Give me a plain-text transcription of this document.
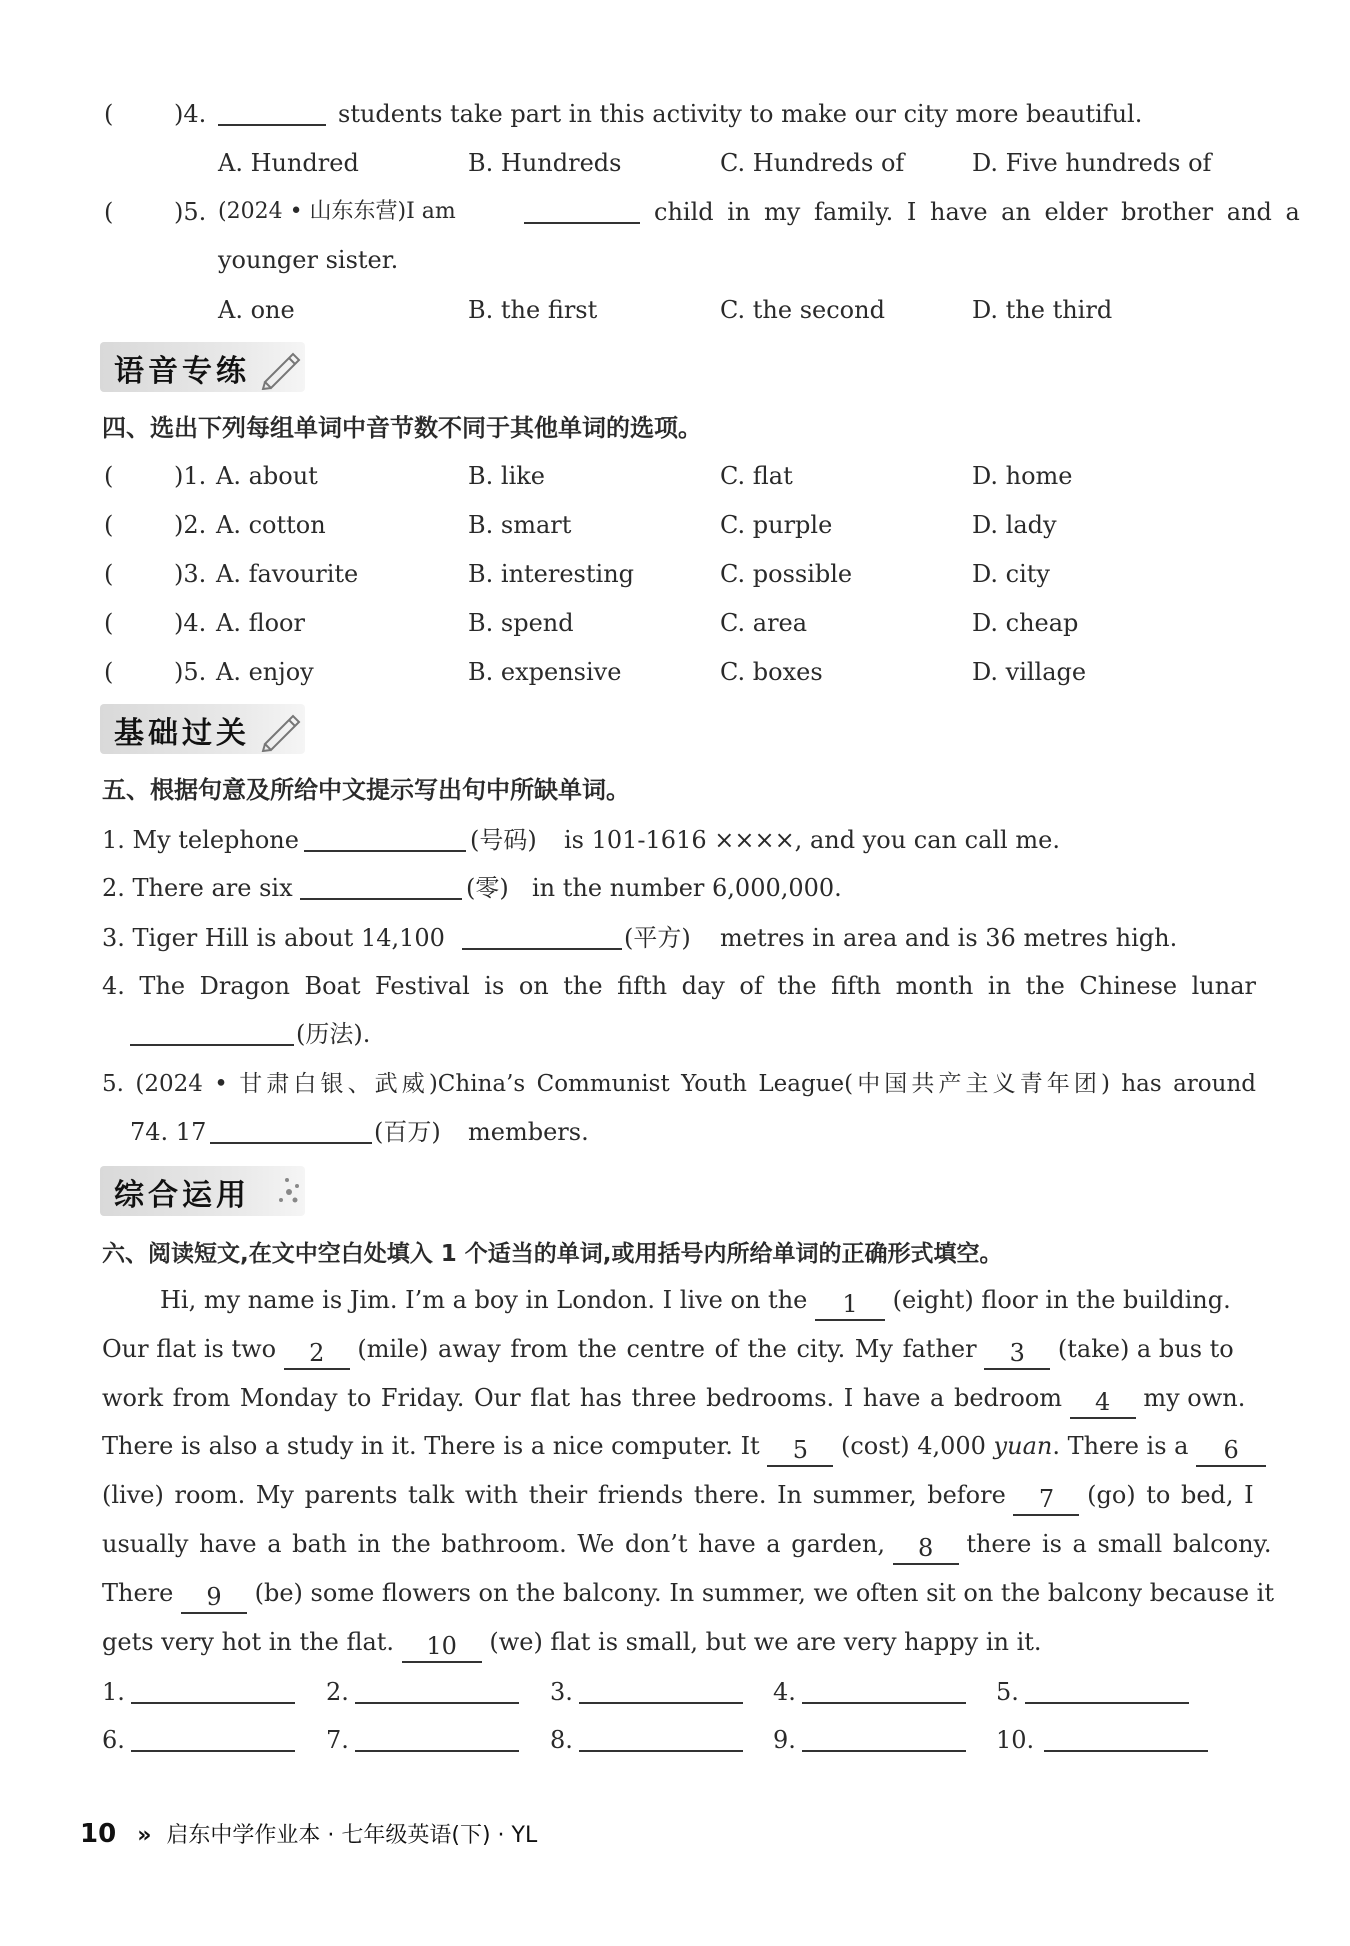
(	)4.	students take part in this activity to make our city more beautiful.
A. Hundred	B. Hundreds	C. Hundreds of	D. Five hundreds of
(	)5. (2024 • 山东东营)I am	child in my family. I have an elder brother and a
younger sister.
A. one	B. the first	C. the second	D. the third
语音专练
四、选出下列每组单词中音节数不同于其他单词的选项。
(	)1. A. about	B. like	C. flat	D. home
(	)2. A. cotton	B. smart	C. purple	D. lady
(	)3. A. favourite	B. interesting	C. possible	D. city
(	)4. A. floor	B. spend	C. area	D. cheap
(	)5. A. enjoy	B. expensive	C. boxes	D. village
基础过关
五、根据句意及所给中文提示写出句中所缺单词。
1. My telephone	(号码) is 101-1616 ××××, and you can call me.
2. There are six	(零) in the number 6,000,000.
3. Tiger Hill is about 14,100	(平方) metres in area and is 36 metres high.
4. The Dragon Boat Festival is on the fifth day of the fifth month in the Chinese lunar
(历法).
5. (2024 • 甘肃白银、武威)China’s Communist Youth League(中国共产主义青年团) has around
74. 17	(百万) members.
综合运用
六、阅读短文,在文中空白处填入 1 个适当的单词,或用括号内所给单词的正确形式填空。
Hi, my name is Jim. I’m a boy in London. I live on the 1 (eight) floor in the building.
Our flat is two 2 (mile) away from the centre of the city. My father 3 (take) a bus to
work from Monday to Friday. Our flat has three bedrooms. I have a bedroom 4 my own.
There is also a study in it. There is a nice computer. It 5 (cost) 4,000 yuan. There is a 6
(live) room. My parents talk with their friends there. In summer, before 7 (go) to bed, I
usually have a bath in the bathroom. We don’t have a garden, 8 there is a small balcony.
There 9 (be) some flowers on the balcony. In summer, we often sit on the balcony because it
gets very hot in the flat. 10 (we) flat is small, but we are very happy in it.
1.	2.	3.	4.	5.
6.	7.	8.	9.	10.
10 » 启东中学作业本 · 七年级英语(下) · YL
